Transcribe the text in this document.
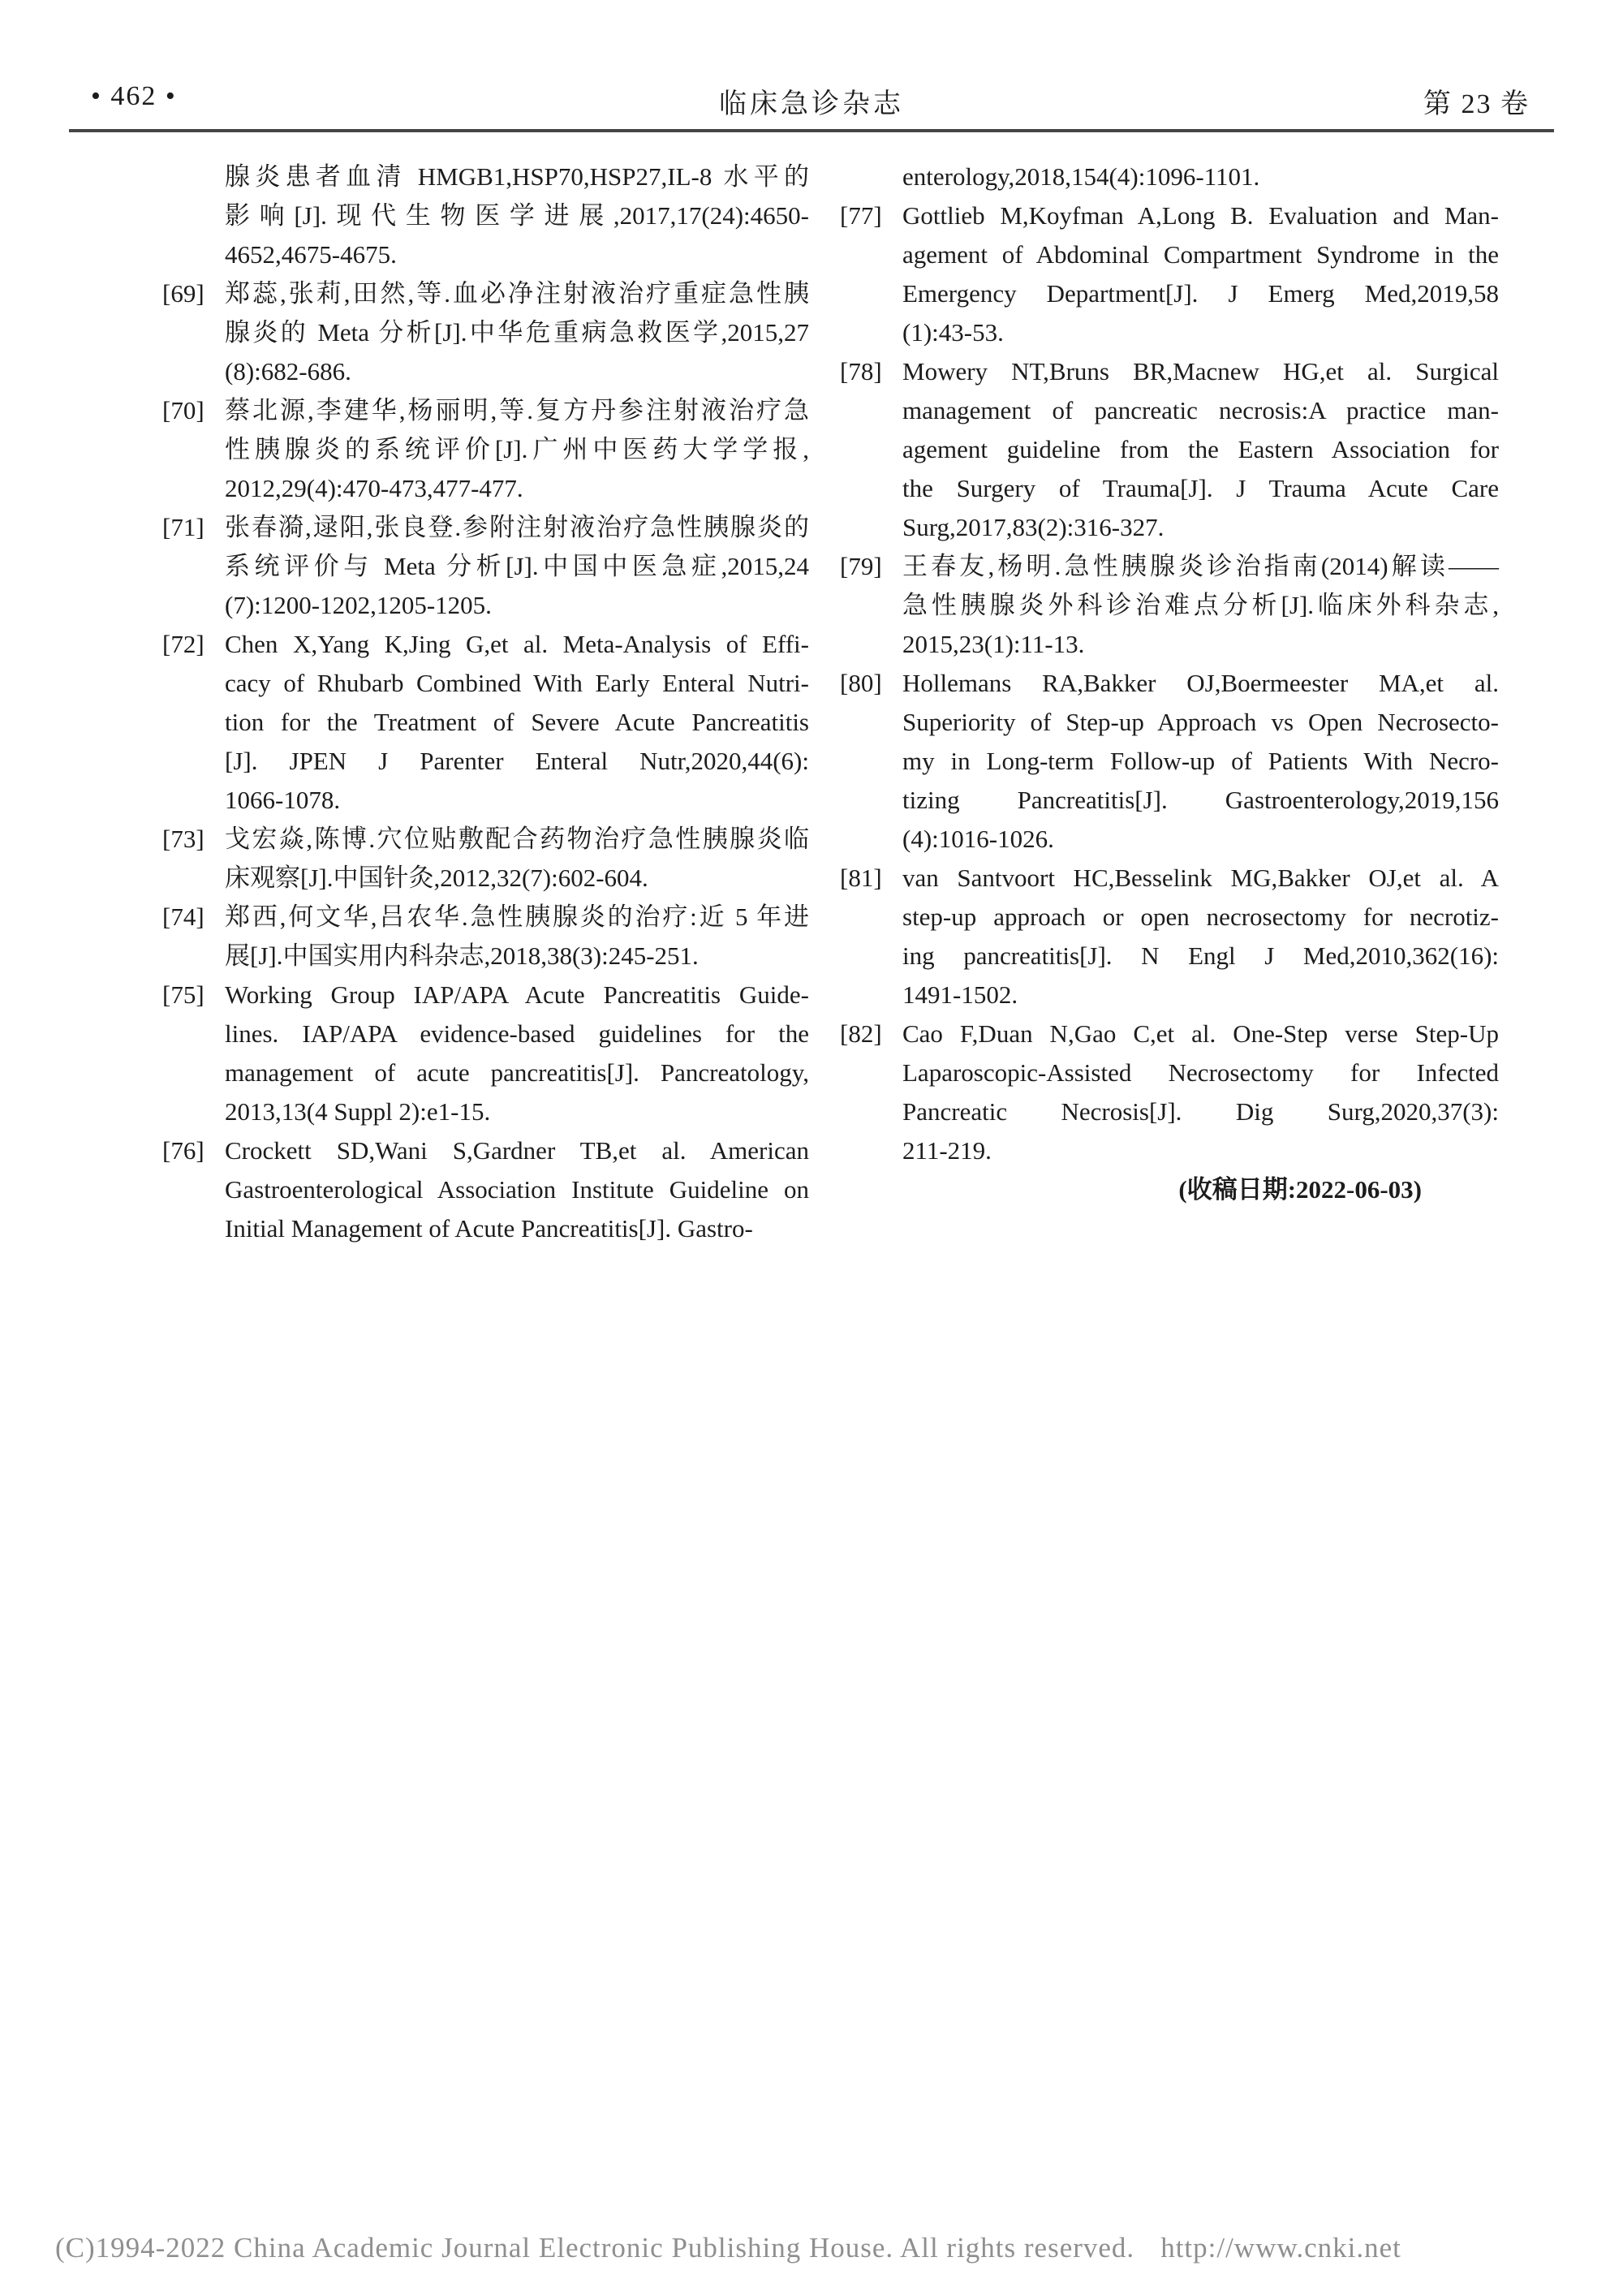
• 462 •	临床急诊杂志	第 23 卷
腺炎患者血清 HMGB1,HSP70,HSP27,IL-8 水平的
影响[J].现代生物医学进展,2017,17(24):4650-
4652,4675-4675.
[69] 郑蕊,张莉,田然,等.血必净注射液治疗重症急性胰
腺炎的 Meta 分析[J].中华危重病急救医学,2015,27
(8):682-686.
[70] 蔡北源,李建华,杨丽明,等.复方丹参注射液治疗急
性胰腺炎的系统评价[J].广州中医药大学学报,
2012,29(4):470-473,477-477.
[71] 张春漪,逯阳,张良登.参附注射液治疗急性胰腺炎的
系统评价与 Meta 分析[J].中国中医急症,2015,24
(7):1200-1202,1205-1205.
[72] Chen X,Yang K,Jing G,et al. Meta-Analysis of Effi-
cacy of Rhubarb Combined With Early Enteral Nutri-
tion for the Treatment of Severe Acute Pancreatitis
[J]. JPEN J Parenter Enteral Nutr,2020,44(6):
1066-1078.
[73] 戈宏焱,陈博.穴位贴敷配合药物治疗急性胰腺炎临
床观察[J].中国针灸,2012,32(7):602-604.
[74] 郑西,何文华,吕农华.急性胰腺炎的治疗:近 5 年进
展[J].中国实用内科杂志,2018,38(3):245-251.
[75] Working Group IAP/APA Acute Pancreatitis Guide-
lines. IAP/APA evidence-based guidelines for the
management of acute pancreatitis[J]. Pancreatology,
2013,13(4 Suppl 2):e1-15.
[76] Crockett SD,Wani S,Gardner TB,et al. American
Gastroenterological Association Institute Guideline on
Initial Management of Acute Pancreatitis[J]. Gastro-
enterology,2018,154(4):1096-1101.
[77] Gottlieb M,Koyfman A,Long B. Evaluation and Man-
agement of Abdominal Compartment Syndrome in the
Emergency Department[J]. J Emerg Med,2019,58
(1):43-53.
[78] Mowery NT,Bruns BR,Macnew HG,et al. Surgical
management of pancreatic necrosis:A practice man-
agement guideline from the Eastern Association for
the Surgery of Trauma[J]. J Trauma Acute Care
Surg,2017,83(2):316-327.
[79] 王春友,杨明.急性胰腺炎诊治指南(2014)解读——
急性胰腺炎外科诊治难点分析[J].临床外科杂志,
2015,23(1):11-13.
[80] Hollemans RA,Bakker OJ,Boermeester MA,et al.
Superiority of Step-up Approach vs Open Necrosecto-
my in Long-term Follow-up of Patients With Necro-
tizing Pancreatitis[J]. Gastroenterology,2019,156
(4):1016-1026.
[81] van Santvoort HC,Besselink MG,Bakker OJ,et al. A
step-up approach or open necrosectomy for necrotiz-
ing pancreatitis[J]. N Engl J Med,2010,362(16):
1491-1502.
[82] Cao F,Duan N,Gao C,et al. One-Step verse Step-Up
Laparoscopic-Assisted Necrosectomy for Infected
Pancreatic Necrosis[J]. Dig Surg,2020,37(3):
211-219.
(收稿日期:2022-06-03)
(C)1994-2022 China Academic Journal Electronic Publishing House. All rights reserved. http://www.cnki.net
